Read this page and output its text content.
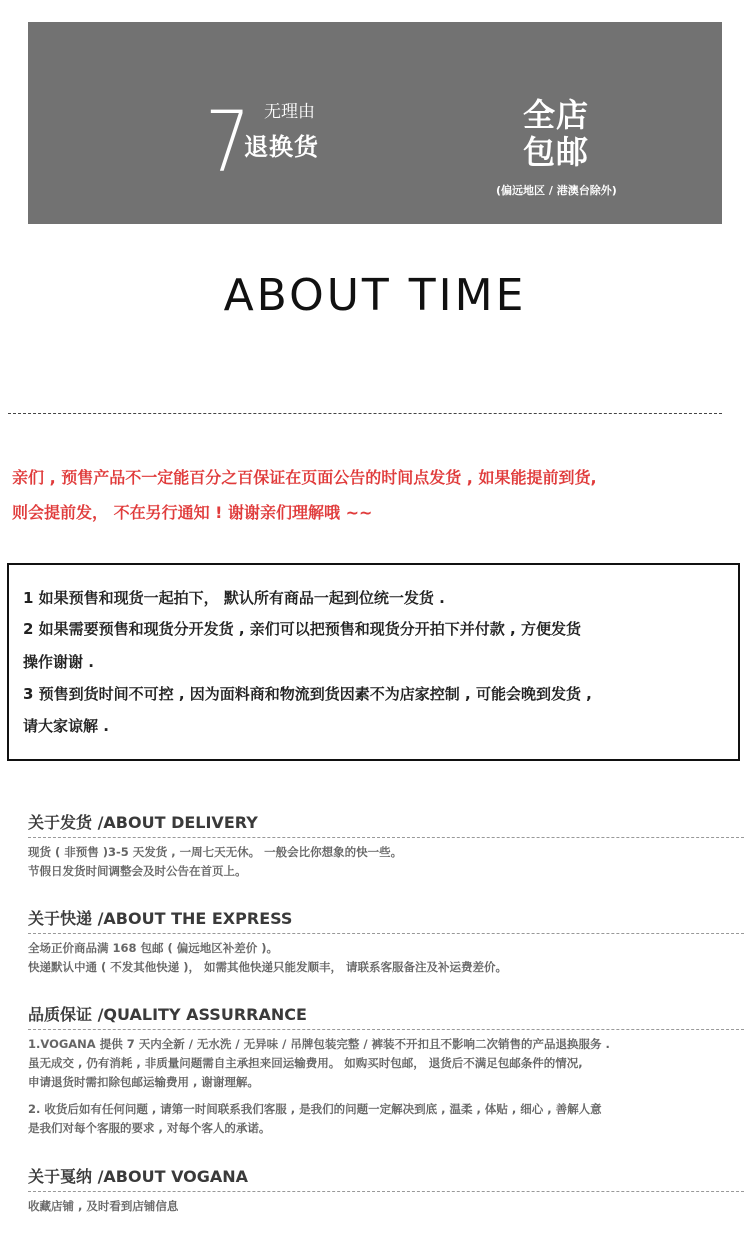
7 无理由
退换货
全店
包邮
(偏远地区 / 港澳台除外)
ABOUT TIME
亲们 , 预售产品不一定能百分之百保证在页面公告的时间点发货 , 如果能提前到货,
则会提前发， 不在另行通知 ! 谢谢亲们理解哦 ~~
1 如果预售和现货一起拍下， 默认所有商品一起到位统一发货 .
2 如果需要预售和现货分开发货 , 亲们可以把预售和现货分开拍下并付款 , 方便发货
操作谢谢 .
3 预售到货时间不可控 , 因为面料商和物流到货因素不为店家控制 , 可能会晚到发货 ,
请大家谅解 .
关于发货 /ABOUT DELIVERY
现货 ( 非预售 )3-5 天发货 , 一周七天无休。 一般会比你想象的快一些。
节假日发货时间调整会及时公告在首页上。
关于快递 /ABOUT THE EXPRESS
全场正价商品满 168 包邮 ( 偏远地区补差价 )。
快递默认中通 ( 不发其他快递 )， 如需其他快递只能发顺丰， 请联系客服备注及补运费差价。
品质保证 /QUALITY ASSURRANCE
1.VOGANA 提供 7 天内全新 / 无水洗 / 无异味 / 吊牌包装完整 / 裤装不开扣且不影响二次销售的产品退换服务 .
虽无成交 , 仍有消耗 , 非质量问题需自主承担来回运输费用。 如购买时包邮， 退货后不满足包邮条件的情况,
申请退货时需扣除包邮运输费用 , 谢谢理解。
2. 收货后如有任何问题 , 请第一时间联系我们客服 , 是我们的问题一定解决到底 , 温柔 , 体贴 , 细心 , 善解人意
是我们对每个客服的要求 , 对每个客人的承诺。
关于戛纳 /ABOUT VOGANA
收藏店铺 , 及时看到店铺信息
